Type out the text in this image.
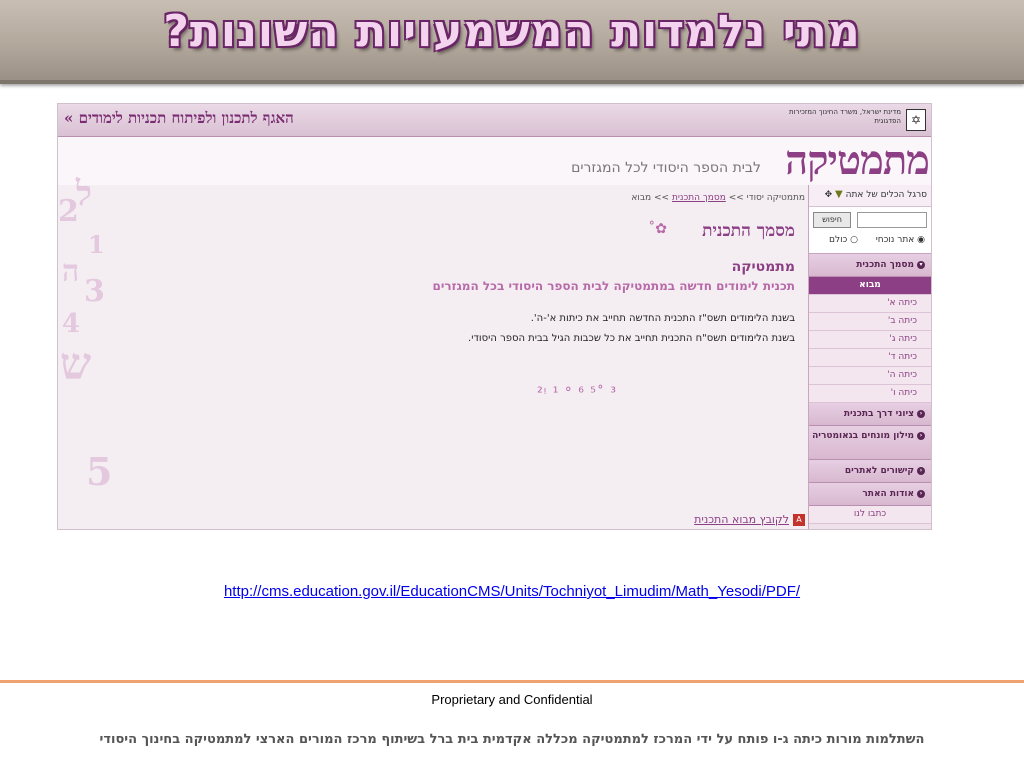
מתי נלמדות המשמעויות השונות?
האגף לתכנון ולפיתוח תכניות לימודים »	מדינת ישראל, משרד החינוך המזכירות הפדגוגית ✡
מתמטיקה
לבית הספר היסודי לכל המגזרים
ל
2
1
ה
3
4
ש
5
סרגל הכלים של אתה ▼ ✥
חיפוש
◉ אתר נוכחי
○ כולם
▾מסמך התכנית
מבוא
כיתה א'
כיתה ב'
כיתה ג'
כיתה ד'
כיתה ה'
כיתה ו'
‹ציוני דרך בתכנית
‹מילון מונחים בגאומטריה
‹קישורים לאתרים
‹אודות האתר
כתבו לנו
מתמטיקה יסודי >> מסמך התכנית >> מבוא
מסמך התכנית
✿˚
מתמטיקה
תכנית לימודים חדשה במתמטיקה לבית הספר היסודי בכל המגזרים
בשנת הלימודים תשס"ז התכנית החדשה תחייב את כיתות א'-ה'.
בשנת הלימודים תשס"ח התכנית תחייב את כל שכבות הגיל בבית הספר היסודי.
³ ˚⁵ ²ᵎ ¹ ° ⁶
Aלקובץ מבוא התכנית
http://cms.education.gov.il/EducationCMS/Units/Tochniyot_Limudim/Math_Yesodi/PDF/
Proprietary and Confidential
השתלמות מורות כיתה ג-ו פותח על ידי המרכז למתמטיקה מכללה אקדמית בית ברל בשיתוף מרכז המורים הארצי למתמטיקה בחינוך היסודי
